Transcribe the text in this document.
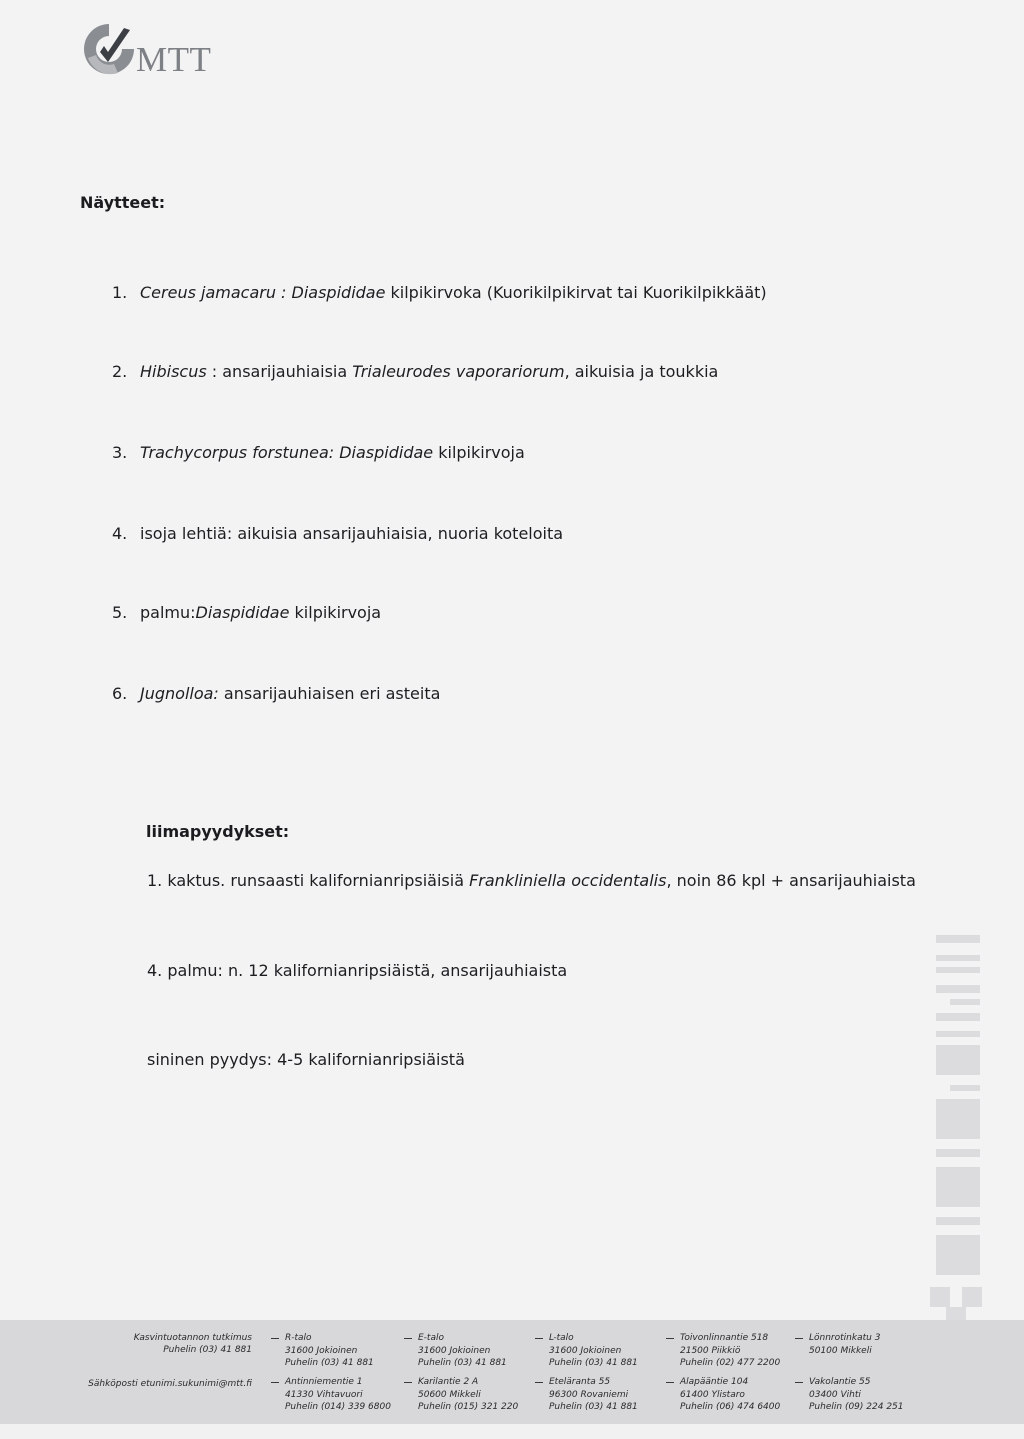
MTT
Näytteet:
1. Cereus jamacaru : Diaspididae kilpikirvoka (Kuorikilpikirvat tai Kuorikilpikkäät)
2. Hibiscus : ansarijauhiaisia Trialeurodes vaporariorum, aikuisia ja toukkia
3. Trachycorpus forstunea: Diaspididae kilpikirvoja
4. isoja lehtiä: aikuisia ansarijauhiaisia, nuoria koteloita
5. palmu:Diaspididae kilpikirvoja
6. Jugnolloa: ansarijauhiaisen eri asteita
liimapyydykset:
1. kaktus. runsaasti kalifornianripsiäisiä Frankliniella occidentalis, noin 86 kpl + ansarijauhiaista
4. palmu: n. 12 kalifornianripsiäistä, ansarijauhiaista
sininen pyydys: 4-5 kalifornianripsiäistä
Kasvintuotannon tutkimus
Puhelin (03) 41 881
Sähköposti etunimi.sukunimi@mtt.fi
R-talo
31600 Jokioinen
Puhelin (03) 41 881
E-talo
31600 Jokioinen
Puhelin (03) 41 881
L-talo
31600 Jokioinen
Puhelin (03) 41 881
Toivonlinnantie 518
21500 Piikkiö
Puhelin (02) 477 2200
Lönnrotinkatu 3
50100 Mikkeli
Antinniementie 1
41330 Vihtavuori
Puhelin (014) 339 6800
Karilantie 2 A
50600 Mikkeli
Puhelin (015) 321 220
Eteläranta 55
96300 Rovaniemi
Puhelin (03) 41 881
Alapääntie 104
61400 Ylistaro
Puhelin (06) 474 6400
Vakolantie 55
03400 Vihti
Puhelin (09) 224 251
